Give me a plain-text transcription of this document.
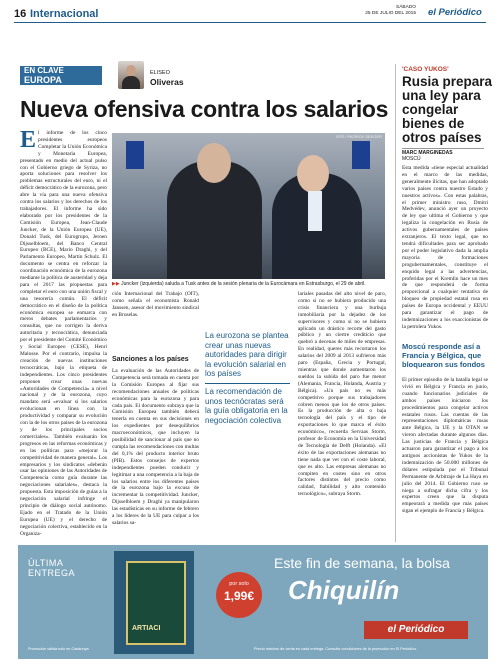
16 Internacional
SÁBADO
25 DE JULIO DEL 2015 el Periódico
EN CLAVE
EUROPA
ELISEO
Oliveras
Nueva ofensiva contra los salarios
EFE / PATRICK SEEGER
▶▶ Juncker (izquierda) saluda a Tusk antes de la sesión plenaria de la Eurocámara en Estrasburgo, el 29 de abril.
E l informe de los cinco presidentes europeos Completar la Unión Económica y Monetaria Europea, presentado en medio del actual pulso con el Gobierno griego de Syriza, no aporta soluciones para resolver los problemas estructurales del euro, ni el déficit democrático de la eurozona, pero abre la vía para una nueva ofensiva contra los salarios y los derechos de los trabajadores. El informe ha sido elaborado por los presidentes de la Comisión Europea, Jean-Claude Juncker, de la Unión Europea (UE), Donald Tusk, del Eurogrupo, Jeroen Dijsselbloem, del Banco Central Europeo (BCE), Mario Draghi, y del Parlamento Europeo, Martin Schulz. El documento se centra en reforzar la coordinación económica de la eurozona mediante la política de austeridad y deja para el 2017 las propuestas para completar el euro con una unión fiscal y una tesorería común. El déficit democrático en el diseño de la política económica europea se enmarca con meros debates parlamentarios y consultas, que no corrigen la deriva autoritaria y tecnocrática, denunciada por el presidente del Comité Económico y Social Europeo (CESE), Henri Malosse. Por el contrario, impulsa la creación de nuevas instituciones tecnocráticas, bajo la etiqueta de independientes. Los cinco presidentes proponen crear unas nuevas «Autoridades de Competencia» a nivel nacional y de la eurozona, cuyo mandato será «evaluar si los salarios evolucionan en línea con la productividad y comparar su evolución con la de los otros países de la eurozona y de los principales socios comerciales». También evaluarán los progresos en las reformas económicas y en las políticas para «mejorar la competitividad de manera general». Los empresarios y los sindicatos «deberán usar las opiniones de las Autoridades de Competencia como guía durante las negociaciones salariales», destaca la propuesta. Esta imposición de guías a la negociación salarial infringe el principio de diálogo social autónomo. Ejado en el Tratado de la Unión Europea (UE) y el derecho de negociación colectiva, establecido en la Organiza-
ción Internacional del Trabajo (OIT), como señala el economista Ronald Janssen, asesor del movimiento sindical en Bruselas.
Sanciones a los países
La evaluación de las Autoridades de Competencia será tomada en cuenta por la Comisión Europea al fijar sus recomendaciones anuales de políticas económicas para la eurozona y para cada país. El documento subraya que la Comisión Europea también deberá tenerla en cuenta en sus decisiones en los expedientes por desequilibrios macroeconómicos, que incluyen la posibilidad de sancionar al país que no cumpla las recomendaciones con multas del 0,1% del producto interior bruto (PIB). Estos consejos de expertos independientes pueden conducir y legitimar a una competencia a la baja de los salarios entre los diferentes países de la eurozona bajo la excusa de incrementar la competitividad. Juncker, Dijsselbloem y Draghi ya manipularon las estadísticas en su informe de febrero a los líderes de la UE para culpar a los salarios sa-
La eurozona se plantea crear unas nuevas autoridades para dirigir la evolución salarial en los países
La recomendación de unos tecnócratas será la guía obligatoria en la negociación colectiva
lariales pasadas del alto nivel de paro, como si no se hubiera producido una crisis financiera y una burbuja inmobiliaria por la dejadez de los supervisores y como si no se hubiera aplicado un drástico recorte del gasto público y un ciertre crediticio que quebró a decenas de miles de empresas. En realidad, queres más recortaron los salarios del 2009 al 2013 sufrieron más paro (España, Grecia y Portugal, mientras que donde aumentaron los sueldos la subida del paro fue menor (Alemania, Francia, Holanda, Austria y Bélgica). «Un país no es más competitivo porque sus trabajadores cobren menos que los de otros países. Es la producción de alta o baja tecnología del país y el tipo de exportaciones lo que marca el éxito económico», recuerda Servaas Storm, profesor de Economía en la Universidad de Tecnología de Delft (Holanda). «El éxito de las exportaciones alemanas no tiene nada que ver con el coste laboral, que es alto. Las empresas alemanas no compiten en costes sino en otros factores distintos del precio como calidad, fiabilidad y alto contenido tecnológico», subraya Storm.
'CASO YUKOS'
Rusia prepara una ley para congelar bienes de otros países
MARC MARGINEDAS
MOSCÚ
Esta medida «tiene especial actualidad en el marco de las medidas, generalmente ilícitas, que han adoptado varios países contra nuestro Estado y nuestros activos». Con estas palabras, el primer ministro ruso, Dmitri Medvédev, anunció ayer un proyecto de ley que ultima el Gobierno y que legaliza la congelación en Rusia de activos gubernamentales de países extranjeros. El texto legal, que no tendrá dificultades para ser aprobado por el poder legislativo dada la amplia mayoría de formaciones progubernamentales, constituye el enquido legal a las advertencias, proferidas por el Kremlin hace un mes de que responderá de forma proporcional a cualquier tentativa de bloqueo de propiedad estatal rusa en países de Europa occidental y EEUU para garantizar el pago de indemnizaciones a los exaccionistas de la petrolera Yukos.
Moscú responde así a Francia y Bélgica, que bloquearon sus fondos
El primer episodio de la batalla legal se vivió en Bélgica y Francia en junio, cuando funcionarios judiciales de ambos países iniciaron los procedimientos para congelar activos estatales rusos. Las cuentas de las representaciones diplomáticas rusas ante Bélgica, la UE y la OTAN se vieron afectadas durante algunos días. Las justicias de Francia y Bélgica actuaron para garantizar el pago a los antiguos accionistas de Yukos de la indemnización de 50.000 millones de dólares estipulada por el Tribunal Permanente de Arbitraje de La Haya en julio del 2014. El Gobierno ruso se niega a sufragar dicha cifra y los expertos creen que la disputa empeorará a medida que más países sigan el ejemplo de Francia y Bélgica.
ÚLTIMA
ENTREGA
ARTIACI
por solo
1,99€
Este fin de semana, la bolsa
Chiquilín
el Periódico
Promoción válida solo en Catalunya	Precio máximo de venta en cada entrega. Consulte condiciones de la promoción en El Periódico.
